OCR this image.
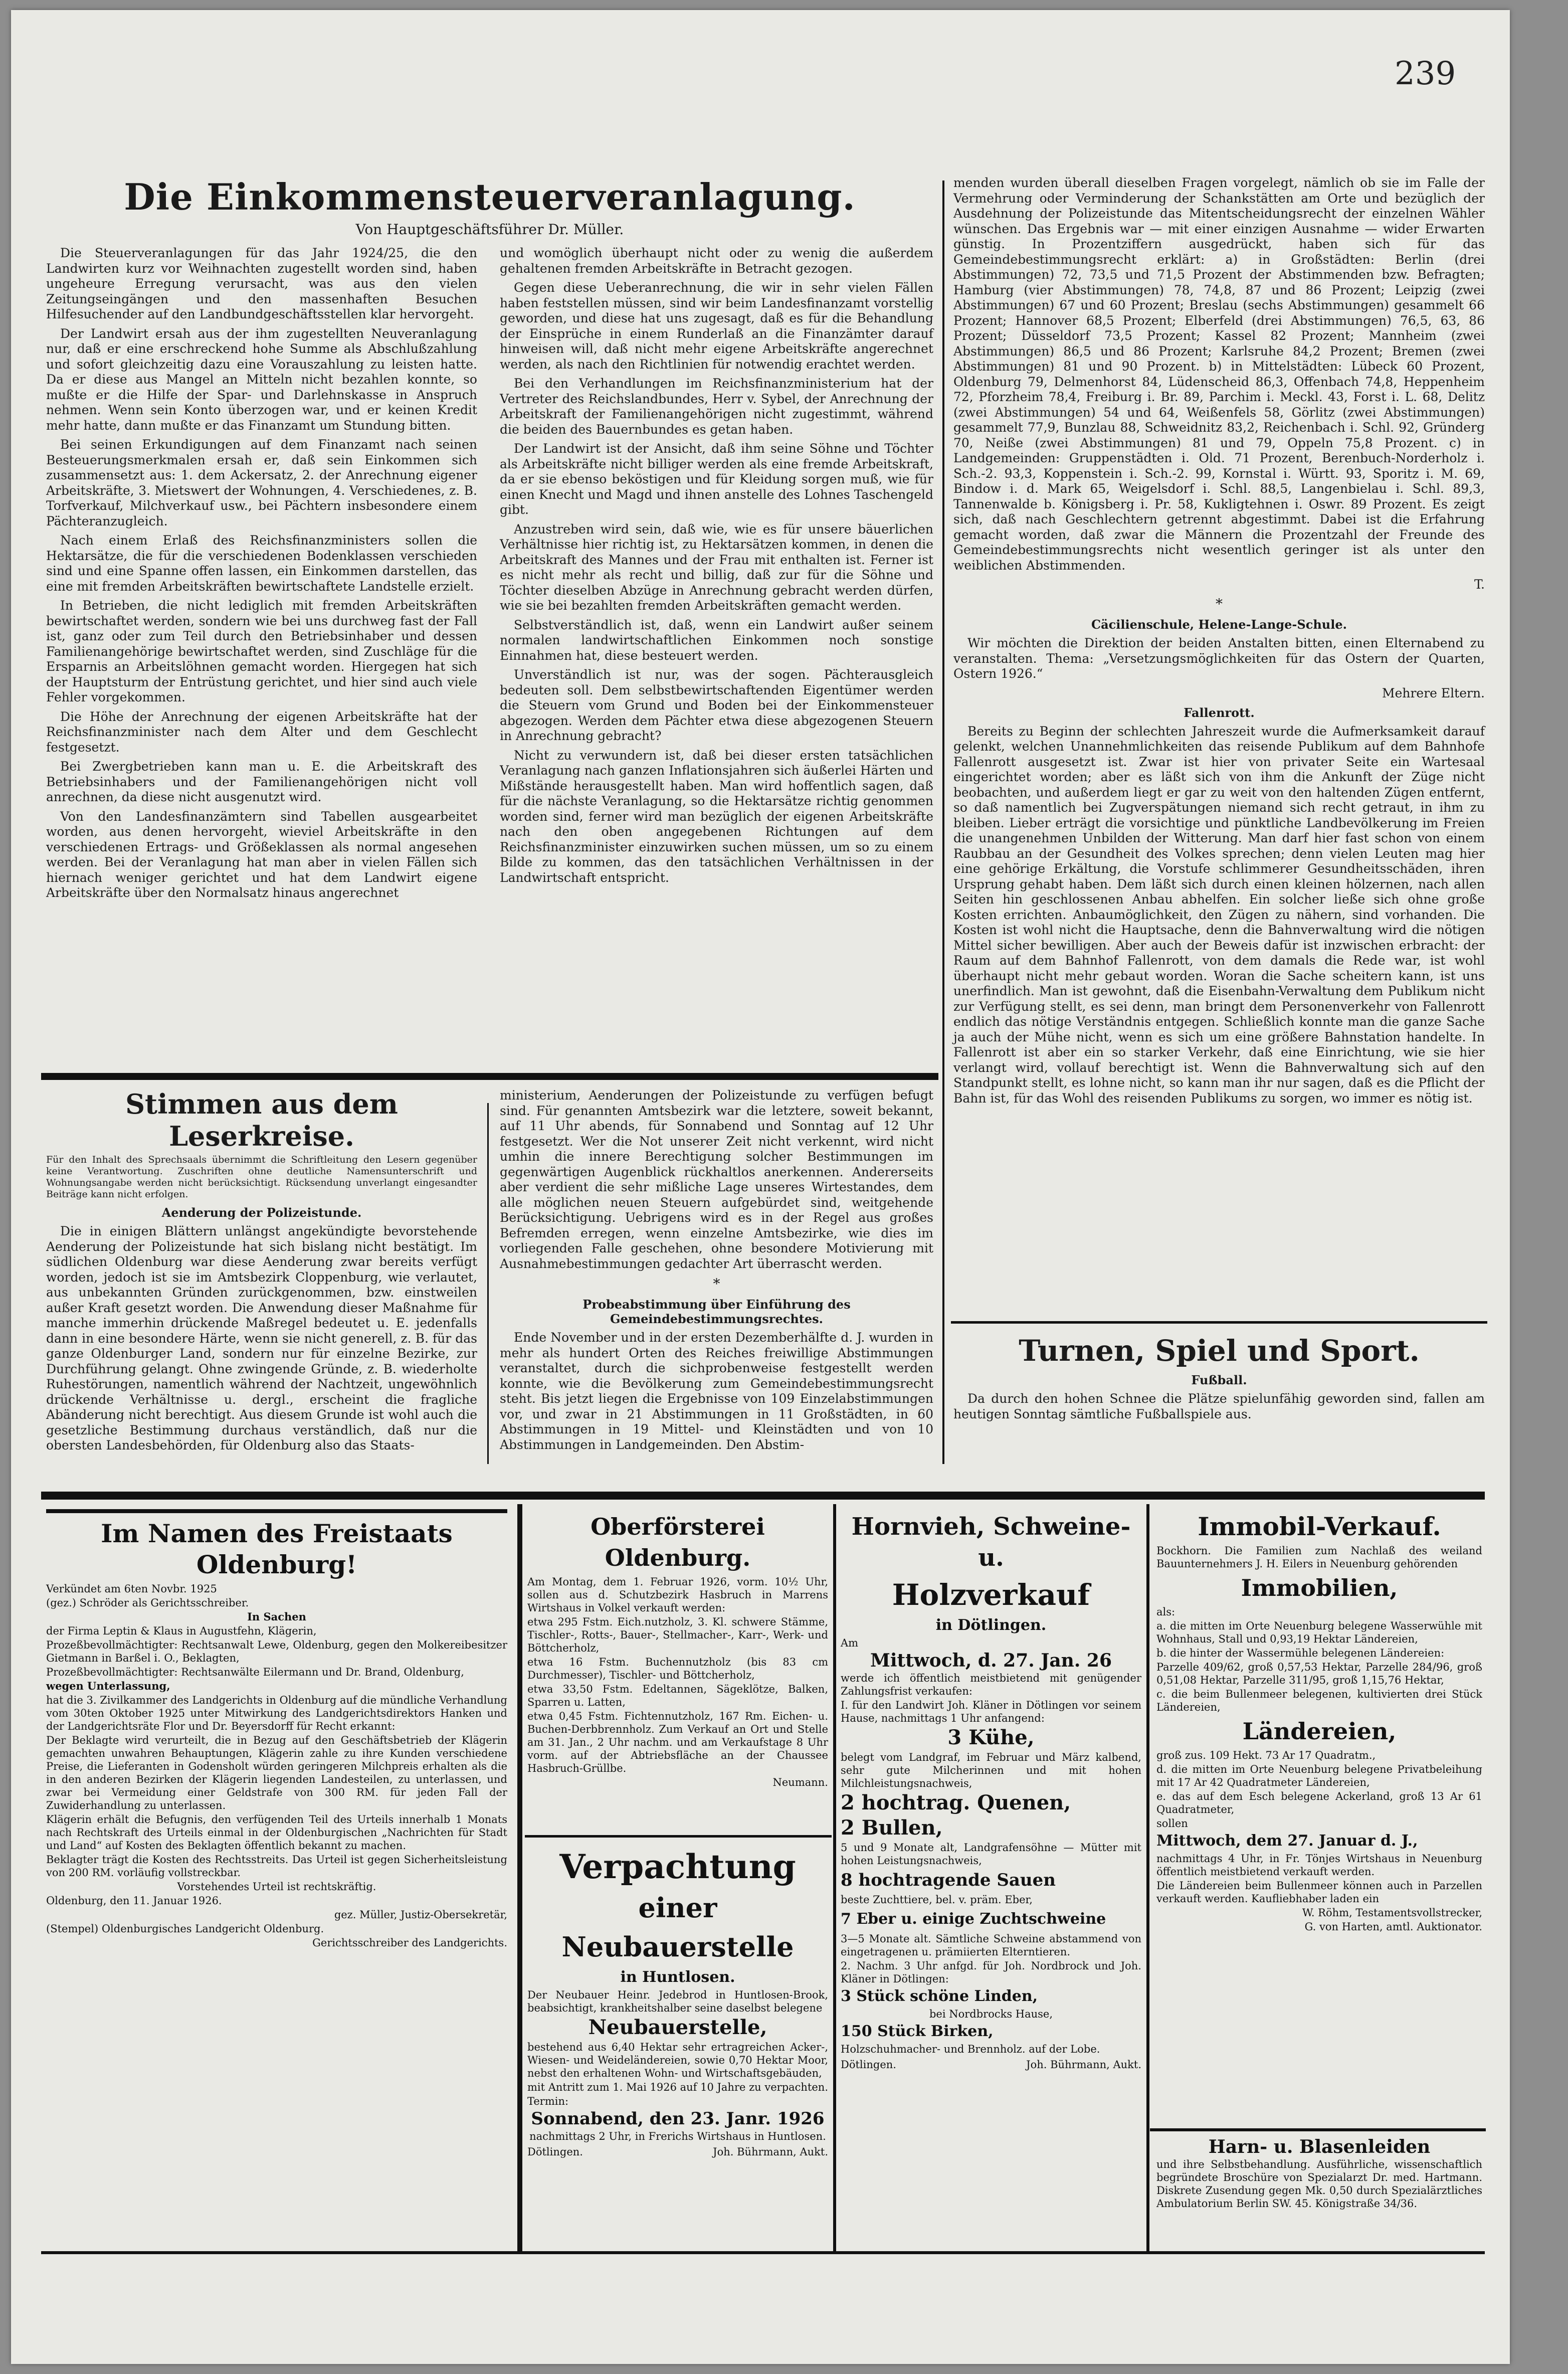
239
Die Einkommensteuerveranlagung.
Von Hauptgeschäftsführer Dr. Müller.

Die Steuerveranlagungen für das Jahr 1924/25, die den Landwirten kurz vor Weihnachten zugestellt worden sind, haben ungeheure Erregung verursacht, was aus den vielen Zeitungseingängen und den massenhaften Besuchen Hilfesuchender auf den Landbundgeschäftsstellen klar hervorgeht.

Der Landwirt ersah aus der ihm zugestellten Neuveranlagung nur, daß er eine erschreckend hohe Summe als Abschlußzahlung und sofort gleichzeitig dazu eine Vorauszahlung zu leisten hatte. Da er diese aus Mangel an Mitteln nicht bezahlen konnte, so mußte er die Hilfe der Spar- und Darlehnskasse in Anspruch nehmen. Wenn sein Konto überzogen war, und er keinen Kredit mehr hatte, dann mußte er das Finanzamt um Stundung bitten.

Bei seinen Erkundigungen auf dem Finanzamt nach seinen Besteuerungsmerkmalen ersah er, daß sein Einkommen sich zusammensetzt aus: 1. dem Ackersatz, 2. der Anrechnung eigener Arbeitskräfte, 3. Mietswert der Wohnungen, 4. Verschiedenes, z. B. Torfverkauf, Milchverkauf usw., bei Pächtern insbesondere einem Pächteranzugleich.

Nach einem Erlaß des Reichsfinanzministers sollen die Hektarsätze, die für die verschiedenen Bodenklassen verschieden sind und eine Spanne offen lassen, ein Einkommen darstellen, das eine mit fremden Arbeitskräften bewirtschaftete Landstelle erzielt.

In Betrieben, die nicht lediglich mit fremden Arbeitskräften bewirtschaftet werden, sondern wie bei uns durchweg fast der Fall ist, ganz oder zum Teil durch den Betriebsinhaber und dessen Familienangehörige bewirtschaftet werden, sind Zuschläge für die Ersparnis an Arbeitslöhnen gemacht worden. Hiergegen hat sich der Hauptsturm der Entrüstung gerichtet, und hier sind auch viele Fehler vorgekommen.

Die Höhe der Anrechnung der eigenen Arbeitskräfte hat der Reichsfinanzminister nach dem Alter und dem Geschlecht festgesetzt.

Bei Zwergbetrieben kann man u. E. die Arbeitskraft des Betriebsinhabers und der Familienangehörigen nicht voll anrechnen, da diese nicht ausgenutzt wird.

Von den Landesfinanzämtern sind Tabellen ausgearbeitet worden, aus denen hervorgeht, wieviel Arbeitskräfte in den verschiedenen Ertrags- und Größeklassen als normal angesehen werden. Bei der Veranlagung hat man aber in vielen Fällen sich hiernach weniger gerichtet und hat dem Landwirt eigene Arbeitskräfte über den Normalsatz hinaus angerechnet

und womöglich überhaupt nicht oder zu wenig die außerdem gehaltenen fremden Arbeitskräfte in Betracht gezogen.

Gegen diese Ueberanrechnung, die wir in sehr vielen Fällen haben feststellen müssen, sind wir beim Landesfinanzamt vorstellig geworden, und diese hat uns zugesagt, daß es für die Behandlung der Einsprüche in einem Runderlaß an die Finanzämter darauf hinweisen will, daß nicht mehr eigene Arbeitskräfte angerechnet werden, als nach den Richtlinien für notwendig erachtet werden.

Bei den Verhandlungen im Reichsfinanzministerium hat der Vertreter des Reichslandbundes, Herr v. Sybel, der Anrechnung der Arbeitskraft der Familienangehörigen nicht zugestimmt, während die beiden des Bauernbundes es getan haben.

Der Landwirt ist der Ansicht, daß ihm seine Söhne und Töchter als Arbeitskräfte nicht billiger werden als eine fremde Arbeitskraft, da er sie ebenso beköstigen und für Kleidung sorgen muß, wie für einen Knecht und Magd und ihnen anstelle des Lohnes Taschengeld gibt.

Anzustreben wird sein, daß wie, wie es für unsere bäuerlichen Verhältnisse hier richtig ist, zu Hektarsätzen kommen, in denen die Arbeitskraft des Mannes und der Frau mit enthalten ist. Ferner ist es nicht mehr als recht und billig, daß zur für die Söhne und Töchter dieselben Abzüge in Anrechnung gebracht werden dürfen, wie sie bei bezahlten fremden Arbeitskräften gemacht werden.

Selbstverständlich ist, daß, wenn ein Landwirt außer seinem normalen landwirtschaftlichen Einkommen noch sonstige Einnahmen hat, diese besteuert werden.

Unverständlich ist nur, was der sogen. Pächterausgleich bedeuten soll. Dem selbstbewirtschaftenden Eigentümer werden die Steuern vom Grund und Boden bei der Einkommensteuer abgezogen. Werden dem Pächter etwa diese abgezogenen Steuern in Anrechnung gebracht?

Nicht zu verwundern ist, daß bei dieser ersten tatsächlichen Veranlagung nach ganzen Inflationsjahren sich äußerlei Härten und Mißstände herausgestellt haben. Man wird hoffentlich sagen, daß für die nächste Veranlagung, so die Hektarsätze richtig genommen worden sind, ferner wird man bezüglich der eigenen Arbeitskräfte nach den oben angegebenen Richtungen auf dem Reichsfinanzminister einzuwirken suchen müssen, um so zu einem Bilde zu kommen, das den tatsächlichen Verhältnissen in der Landwirtschaft entspricht.

Stimmen aus dem Leserkreise.
Für den Inhalt des Sprechsaals übernimmt die Schriftleitung den Lesern gegenüber keine Verantwortung. Zuschriften ohne deutliche Namensunterschrift und Wohnungsangabe werden nicht berücksichtigt. Rücksendung unverlangt eingesandter Beiträge kann nicht erfolgen.
Aenderung der Polizeistunde.

Die in einigen Blättern unlängst angekündigte bevorstehende Aenderung der Polizeistunde hat sich bislang nicht bestätigt. Im südlichen Oldenburg war diese Aenderung zwar bereits verfügt worden, jedoch ist sie im Amtsbezirk Cloppenburg, wie verlautet, aus unbekannten Gründen zurückgenommen, bzw. einstweilen außer Kraft gesetzt worden. Die Anwendung dieser Maßnahme für manche immerhin drückende Maßregel bedeutet u. E. jedenfalls dann in eine besondere Härte, wenn sie nicht generell, z. B. für das ganze Oldenburger Land, sondern nur für einzelne Bezirke, zur Durchführung gelangt. Ohne zwingende Gründe, z. B. wiederholte Ruhestörungen, namentlich während der Nachtzeit, ungewöhnlich drückende Verhältnisse u. dergl., erscheint die fragliche Abänderung nicht berechtigt. Aus diesem Grunde ist wohl auch die gesetzliche Bestimmung durchaus verständlich, daß nur die obersten Landesbehörden, für Oldenburg also das Staats-

ministerium, Aenderungen der Polizeistunde zu verfügen befugt sind. Für genannten Amtsbezirk war die letztere, soweit bekannt, auf 11 Uhr abends, für Sonnabend und Sonntag auf 12 Uhr festgesetzt. Wer die Not unserer Zeit nicht verkennt, wird nicht umhin die innere Berechtigung solcher Bestimmungen im gegenwärtigen Augenblick rückhaltlos anerkennen. Andererseits aber verdient die sehr mißliche Lage unseres Wirtestandes, dem alle möglichen neuen Steuern aufgebürdet sind, weitgehende Berücksichtigung. Uebrigens wird es in der Regel aus großes Befremden erregen, wenn einzelne Amtsbezirke, wie dies im vorliegenden Falle geschehen, ohne besondere Motivierung mit Ausnahmebestimmungen gedachter Art überrascht werden.

*
Probeabstimmung über Einführung des Gemeindebestimmungsrechtes.

Ende November und in der ersten Dezemberhälfte d. J. wurden in mehr als hundert Orten des Reiches freiwillige Abstimmungen veranstaltet, durch die sichprobenweise festgestellt werden konnte, wie die Bevölkerung zum Gemeindebestimmungsrecht steht. Bis jetzt liegen die Ergebnisse von 109 Einzelabstimmungen vor, und zwar in 21 Abstimmungen in 11 Großstädten, in 60 Abstimmungen in 19 Mittel- und Kleinstädten und von 10 Abstimmungen in Landgemeinden. Den Abstim-

menden wurden überall dieselben Fragen vorgelegt, nämlich ob sie im Falle der Vermehrung oder Verminderung der Schankstätten am Orte und bezüglich der Ausdehnung der Polizeistunde das Mitentscheidungsrecht der einzelnen Wähler wünschen. Das Ergebnis war — mit einer einzigen Ausnahme — wider Erwarten günstig. In Prozentziffern ausgedrückt, haben sich für das Gemeindebestimmungsrecht erklärt: a) in Großstädten: Berlin (drei Abstimmungen) 72, 73,5 und 71,5 Prozent der Abstimmenden bzw. Befragten; Hamburg (vier Abstimmungen) 78, 74,8, 87 und 86 Prozent; Leipzig (zwei Abstimmungen) 67 und 60 Prozent; Breslau (sechs Abstimmungen) gesammelt 66 Prozent; Hannover 68,5 Prozent; Elberfeld (drei Abstimmungen) 76,5, 63, 86 Prozent; Düsseldorf 73,5 Prozent; Kassel 82 Prozent; Mannheim (zwei Abstimmungen) 86,5 und 86 Prozent; Karlsruhe 84,2 Prozent; Bremen (zwei Abstimmungen) 81 und 90 Prozent. b) in Mittelstädten: Lübeck 60 Prozent, Oldenburg 79, Delmenhorst 84, Lüdenscheid 86,3, Offenbach 74,8, Heppenheim 72, Pforzheim 78,4, Freiburg i. Br. 89, Parchim i. Meckl. 43, Forst i. L. 68, Delitz (zwei Abstimmungen) 54 und 64, Weißenfels 58, Görlitz (zwei Abstimmungen) gesammelt 77,9, Bunzlau 88, Schweidnitz 83,2, Reichenbach i. Schl. 92, Gründerg 70, Neiße (zwei Abstimmungen) 81 und 79, Oppeln 75,8 Prozent. c) in Landgemeinden: Gruppenstädten i. Old. 71 Prozent, Berenbuch-Norderholz i. Sch.-2. 93,3, Koppenstein i. Sch.-2. 99, Kornstal i. Württ. 93, Sporitz i. M. 69, Bindow i. d. Mark 65, Weigelsdorf i. Schl. 88,5, Langenbielau i. Schl. 89,3, Tannenwalde b. Königsberg i. Pr. 58, Kukligtehnen i. Oswr. 89 Prozent. Es zeigt sich, daß nach Geschlechtern getrennt abgestimmt. Dabei ist die Erfahrung gemacht worden, daß zwar die Männern die Prozentzahl der Freunde des Gemeindebestimmungsrechts nicht wesentlich geringer ist als unter den weiblichen Abstimmenden.

T.
*
Cäcilienschule, Helene-Lange-Schule.

Wir möchten die Direktion der beiden Anstalten bitten, einen Elternabend zu veranstalten. Thema: „Versetzungsmöglichkeiten für das Ostern der Quarten, Ostern 1926.“

Mehrere Eltern.
Fallenrott.

Bereits zu Beginn der schlechten Jahreszeit wurde die Aufmerksamkeit darauf gelenkt, welchen Unannehmlichkeiten das reisende Publikum auf dem Bahnhofe Fallenrott ausgesetzt ist. Zwar ist hier von privater Seite ein Wartesaal eingerichtet worden; aber es läßt sich von ihm die Ankunft der Züge nicht beobachten, und außerdem liegt er gar zu weit von den haltenden Zügen entfernt, so daß namentlich bei Zugverspätungen niemand sich recht getraut, in ihm zu bleiben. Lieber erträgt die vorsichtige und pünktliche Landbevölkerung im Freien die unangenehmen Unbilden der Witterung. Man darf hier fast schon von einem Raubbau an der Gesundheit des Volkes sprechen; denn vielen Leuten mag hier eine gehörige Erkältung, die Vorstufe schlimmerer Gesundheitsschäden, ihren Ursprung gehabt haben. Dem läßt sich durch einen kleinen hölzernen, nach allen Seiten hin geschlossenen Anbau abhelfen. Ein solcher ließe sich ohne große Kosten errichten. Anbaumöglichkeit, den Zügen zu nähern, sind vorhanden. Die Kosten ist wohl nicht die Hauptsache, denn die Bahnverwaltung wird die nötigen Mittel sicher bewilligen. Aber auch der Beweis dafür ist inzwischen erbracht: der Raum auf dem Bahnhof Fallenrott, von dem damals die Rede war, ist wohl überhaupt nicht mehr gebaut worden. Woran die Sache scheitern kann, ist uns unerfindlich. Man ist gewohnt, daß die Eisenbahn-Verwaltung dem Publikum nicht zur Verfügung stellt, es sei denn, man bringt dem Personenverkehr von Fallenrott endlich das nötige Verständnis entgegen. Schließlich konnte man die ganze Sache ja auch der Mühe nicht, wenn es sich um eine größere Bahnstation handelte. In Fallenrott ist aber ein so starker Verkehr, daß eine Einrichtung, wie sie hier verlangt wird, vollauf berechtigt ist. Wenn die Bahnverwaltung sich auf den Standpunkt stellt, es lohne nicht, so kann man ihr nur sagen, daß es die Pflicht der Bahn ist, für das Wohl des reisenden Publikums zu sorgen, wo immer es nötig ist.

Turnen, Spiel und Sport.
Fußball.

Da durch den hohen Schnee die Plätze spielunfähig geworden sind, fallen am heutigen Sonntag sämtliche Fußballspiele aus.

Im Namen des Freistaats Oldenburg!
Verkündet am 6ten Novbr. 1925
(gez.) Schröder als Gerichtsschreiber.
In Sachen
der Firma Leptin & Klaus in Augustfehn, Klägerin,
Prozeßbevollmächtigter: Rechtsanwalt Lewe, Oldenburg, gegen den Molkereibesitzer Gietmann in Barßel i. O., Beklagten,
Prozeßbevollmächtigter: Rechtsanwälte Eilermann und Dr. Brand, Oldenburg,
wegen Unterlassung,
hat die 3. Zivilkammer des Landgerichts in Oldenburg auf die mündliche Verhandlung vom 30ten Oktober 1925 unter Mitwirkung des Landgerichtsdirektors Hanken und der Landgerichtsräte Flor und Dr. Beyersdorff für Recht erkannt:
Der Beklagte wird verurteilt, die in Bezug auf den Geschäftsbetrieb der Klägerin gemachten unwahren Behauptungen, Klägerin zahle zu ihre Kunden verschiedene Preise, die Lieferanten in Godensholt würden geringeren Milchpreis erhalten als die in den anderen Bezirken der Klägerin liegenden Landesteilen, zu unterlassen, und zwar bei Vermeidung einer Geldstrafe von 300 RM. für jeden Fall der Zuwiderhandlung zu unterlassen.
Klägerin erhält die Befugnis, den verfügenden Teil des Urteils innerhalb 1 Monats nach Rechtskraft des Urteils einmal in der Oldenburgischen „Nachrichten für Stadt und Land“ auf Kosten des Beklagten öffentlich bekannt zu machen.
Beklagter trägt die Kosten des Rechtsstreits. Das Urteil ist gegen Sicherheitsleistung von 200 RM. vorläufig vollstreckbar.
Vorstehendes Urteil ist rechtskräftig.
Oldenburg, den 11. Januar 1926.
gez. Müller, Justiz-Obersekretär,
(Stempel) Oldenburgisches Landgericht Oldenburg.
Gerichtsschreiber des Landgerichts.
Oberförsterei Oldenburg.
Am Montag, dem 1. Februar 1926, vorm. 10½ Uhr, sollen aus d. Schutzbezirk Hasbruch in Marrens Wirtshaus in Volkel verkauft werden:
etwa 295 Fstm. Eich.nutzholz, 3. Kl. schwere Stämme, Tischler-, Rotts-, Bauer-, Stellmacher-, Karr-, Werk- und Böttcherholz,
etwa 16 Fstm. Buchennutzholz (bis 83 cm Durchmesser), Tischler- und Böttcherholz,
etwa 33,50 Fstm. Edeltannen, Sägeklötze, Balken, Sparren u. Latten,
etwa 0,45 Fstm. Fichtennutzholz, 167 Rm. Eichen- u. Buchen-Derbbrennholz. Zum Verkauf an Ort und Stelle am 31. Jan., 2 Uhr nachm. und am Verkaufstage 8 Uhr vorm. auf der Abtriebsfläche an der Chaussee Hasbruch-Grüllbe.
Neumann.
Verpachtung
einer Neubauerstelle
in Huntlosen.
Der Neubauer Heinr. Jedebrod in Huntlosen-Brook, beabsichtigt, krankheitshalber seine daselbst belegene
Neubauerstelle,
bestehend aus 6,40 Hektar sehr ertragreichen Acker-, Wiesen- und Weideländereien, sowie 0,70 Hektar Moor, nebst den erhaltenen Wohn- und Wirtschaftsgebäuden,
mit Antritt zum 1. Mai 1926 auf 10 Jahre zu verpachten.
Termin:
Sonnabend, den 23. Janr. 1926
nachmittags 2 Uhr, in Frerichs Wirtshaus in Huntlosen.
Dötlingen.	Joh. Bührmann, Aukt.
Hornvieh, Schweine- u.
Holzverkauf
in Dötlingen.
Am
Mittwoch, d. 27. Jan. 26
werde ich öffentlich meistbietend mit genügender Zahlungsfrist verkaufen:
I. für den Landwirt Joh. Kläner in Dötlingen vor seinem Hause, nachmittags 1 Uhr anfangend:
3 Kühe,
belegt vom Landgraf, im Februar und März kalbend, sehr gute Milcherinnen und mit hohen Milchleistungsnachweis,
2 hochtrag. Quenen,
2 Bullen,
5 und 9 Monate alt, Landgrafensöhne — Mütter mit hohen Leistungsnachweis,
8 hochtragende Sauen
beste Zuchttiere, bel. v. präm. Eber,
7 Eber u. einige Zuchtschweine
3—5 Monate alt. Sämtliche Schweine abstammend von eingetragenen u. prämiierten Elterntieren.
2. Nachm. 3 Uhr anfgd. für Joh. Nordbrock und Joh. Kläner in Dötlingen:
3 Stück schöne Linden,
bei Nordbrocks Hause,
150 Stück Birken,
Holzschuhmacher- und Brennholz. auf der Lobe.
Dötlingen.	Joh. Bührmann, Aukt.
Immobil-Verkauf.
Bockhorn. Die Familien zum Nachlaß des weiland Bauunternehmers J. H. Eilers in Neuenburg gehörenden
Immobilien,
als:
a. die mitten im Orte Neuenburg belegene Wasserwühle mit Wohnhaus, Stall und 0,93,19 Hektar Ländereien,
b. die hinter der Wassermühle belegenen Ländereien:
Parzelle 409/62, groß 0,57,53 Hektar, Parzelle 284/96, groß 0,51,08 Hektar, Parzelle 311/95, groß 1,15,76 Hektar,
c. die beim Bullenmeer belegenen, kultivierten drei Stück Ländereien,
Ländereien,
groß zus. 109 Hekt. 73 Ar 17 Quadratm.,
d. die mitten im Orte Neuenburg belegene Privatbeleihung mit 17 Ar 42 Quadratmeter Ländereien,
e. das auf dem Esch belegene Ackerland, groß 13 Ar 61 Quadratmeter,
sollen
Mittwoch, dem 27. Januar d. J.,
nachmittags 4 Uhr, in Fr. Tönjes Wirtshaus in Neuenburg öffentlich meistbietend verkauft werden.
Die Ländereien beim Bullenmeer können auch in Parzellen verkauft werden. Kaufliebhaber laden ein
W. Röhm, Testamentsvollstrecker,
G. von Harten, amtl. Auktionator.
Harn- u. Blasenleiden
und ihre Selbstbehandlung. Ausführliche, wissenschaftlich begründete Broschüre von Spezialarzt Dr. med. Hartmann. Diskrete Zusendung gegen Mk. 0,50 durch Spezialärztliches Ambulatorium Berlin SW. 45. Königstraße 34/36.
